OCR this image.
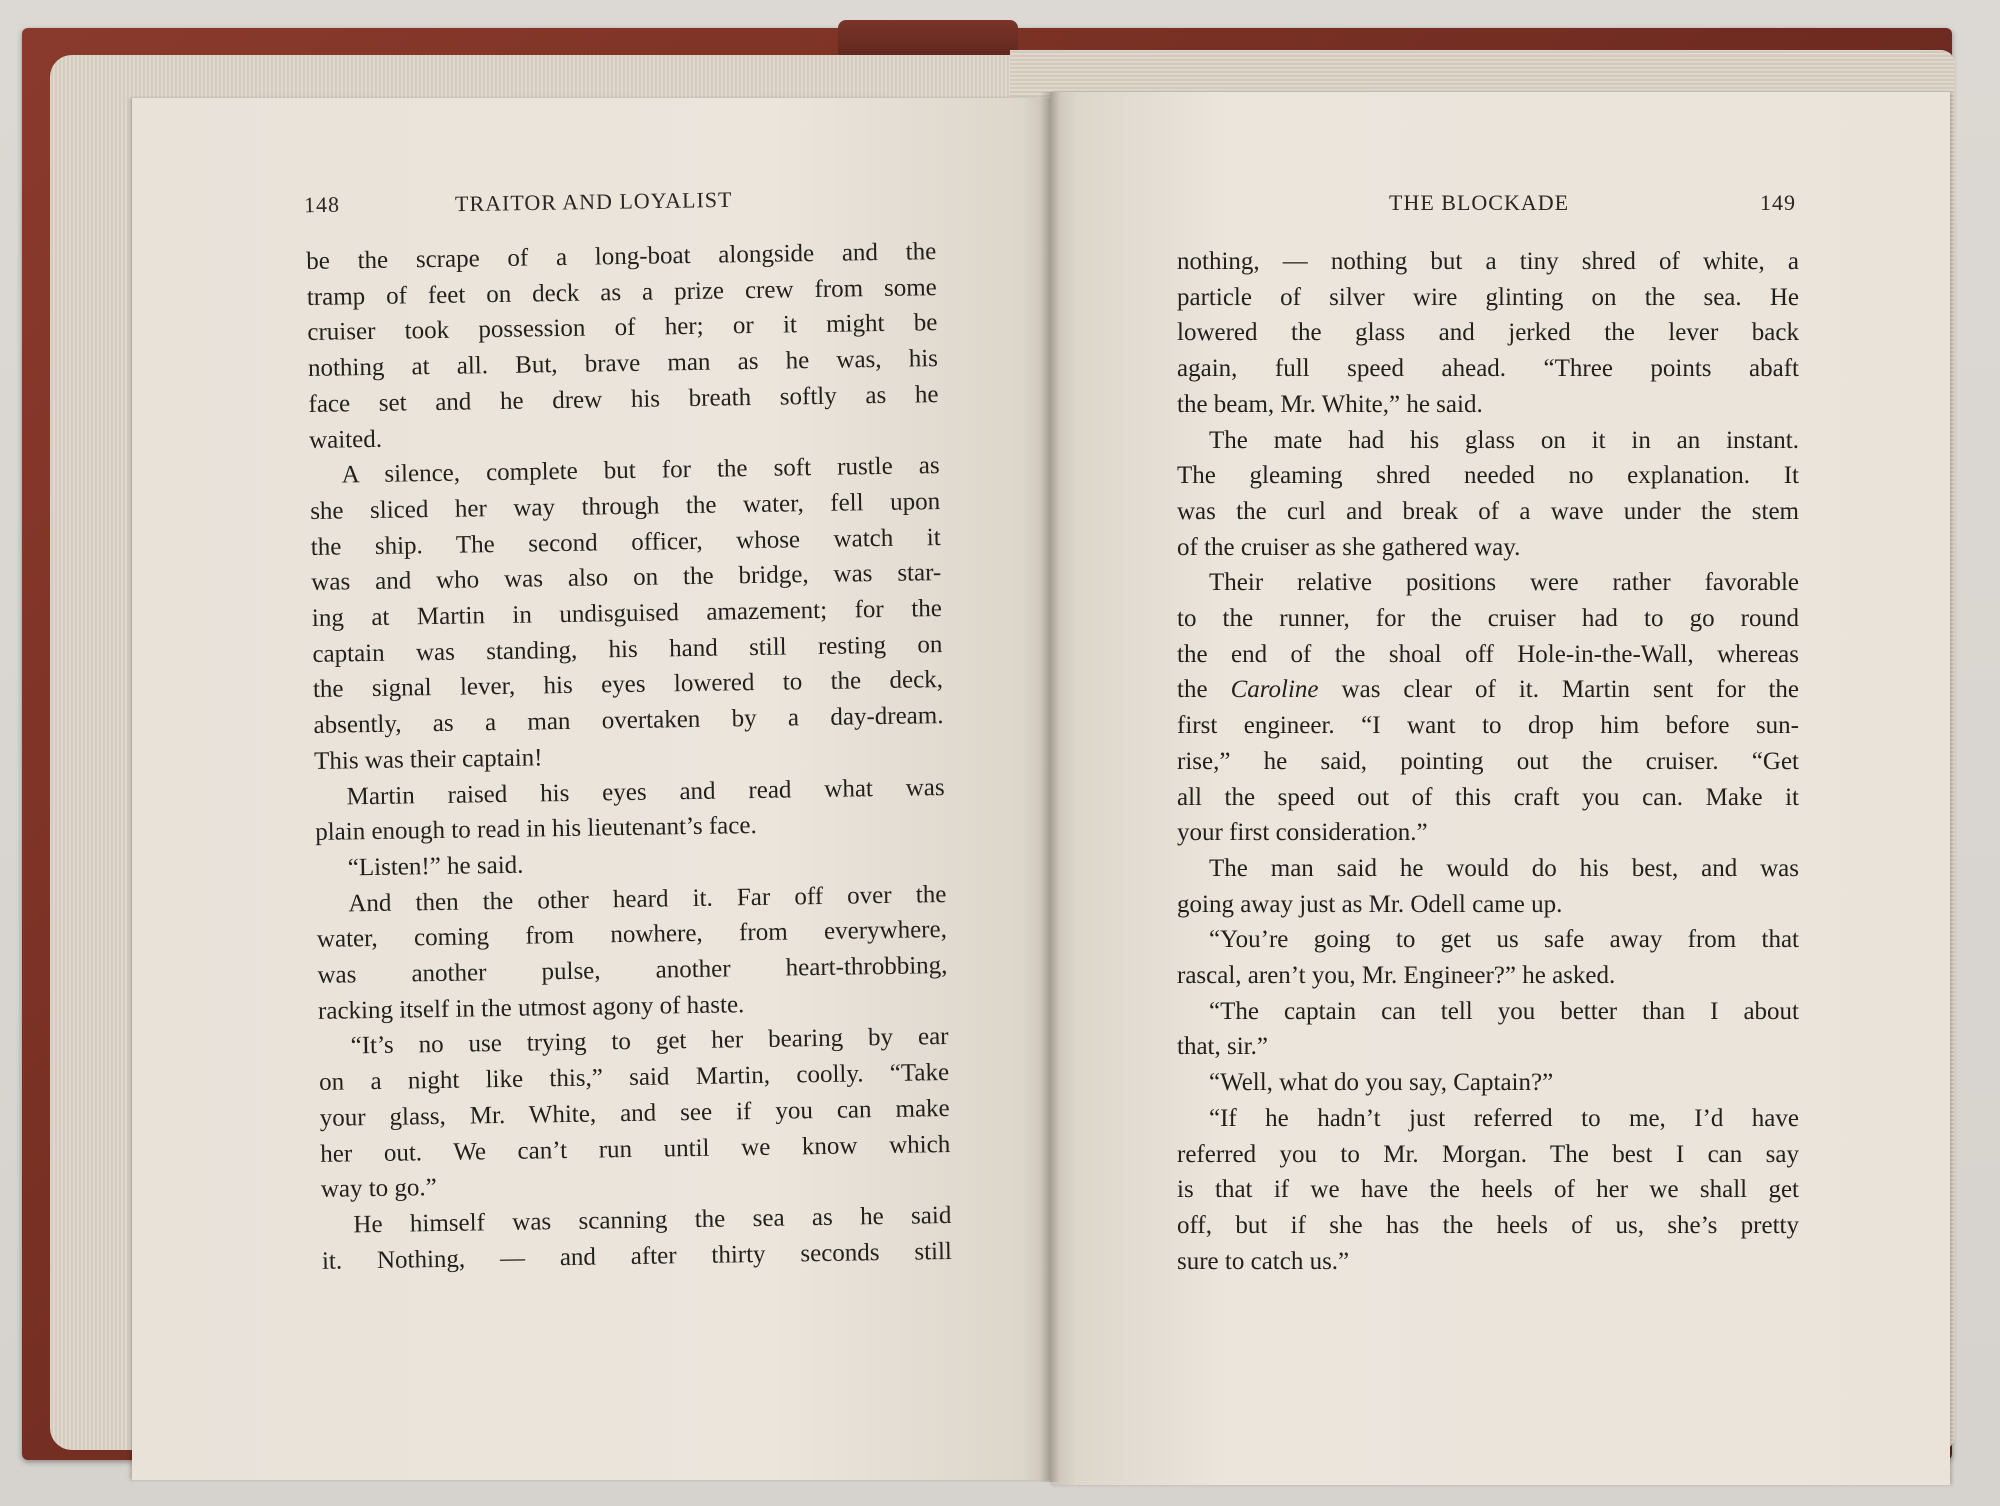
148	TRAITOR AND LOYALIST	THE BLOCKADE	149
be the scrape of a long-boat alongside and the
tramp of feet on deck as a prize crew from some
cruiser took possession of her; or it might be
nothing at all. But, brave man as he was, his
face set and he drew his breath softly as he
waited.
A silence, complete but for the soft rustle as
she sliced her way through the water, fell upon
the ship. The second officer, whose watch it
was and who was also on the bridge, was star-
ing at Martin in undisguised amazement; for the
captain was standing, his hand still resting on
the signal lever, his eyes lowered to the deck,
absently, as a man overtaken by a day-dream.
This was their captain!
Martin raised his eyes and read what was
plain enough to read in his lieutenant’s face.
“Listen!” he said.
And then the other heard it. Far off over the
water, coming from nowhere, from everywhere,
was another pulse, another heart-throbbing,
racking itself in the utmost agony of haste.
“It’s no use trying to get her bearing by ear
on a night like this,” said Martin, coolly. “Take
your glass, Mr. White, and see if you can make
her out. We can’t run until we know which
way to go.”
He himself was scanning the sea as he said
it. Nothing, — and after thirty seconds still
nothing, — nothing but a tiny shred of white, a
particle of silver wire glinting on the sea. He
lowered the glass and jerked the lever back
again, full speed ahead. “Three points abaft
the beam, Mr. White,” he said.
The mate had his glass on it in an instant.
The gleaming shred needed no explanation. It
was the curl and break of a wave under the stem
of the cruiser as she gathered way.
Their relative positions were rather favorable
to the runner, for the cruiser had to go round
the end of the shoal off Hole-in-the-Wall, whereas
the Caroline was clear of it. Martin sent for the
first engineer. “I want to drop him before sun-
rise,” he said, pointing out the cruiser. “Get
all the speed out of this craft you can. Make it
your first consideration.”
The man said he would do his best, and was
going away just as Mr. Odell came up.
“You’re going to get us safe away from that
rascal, aren’t you, Mr. Engineer?” he asked.
“The captain can tell you better than I about
that, sir.”
“Well, what do you say, Captain?”
“If he hadn’t just referred to me, I’d have
referred you to Mr. Morgan. The best I can say
is that if we have the heels of her we shall get
off, but if she has the heels of us, she’s pretty
sure to catch us.”
